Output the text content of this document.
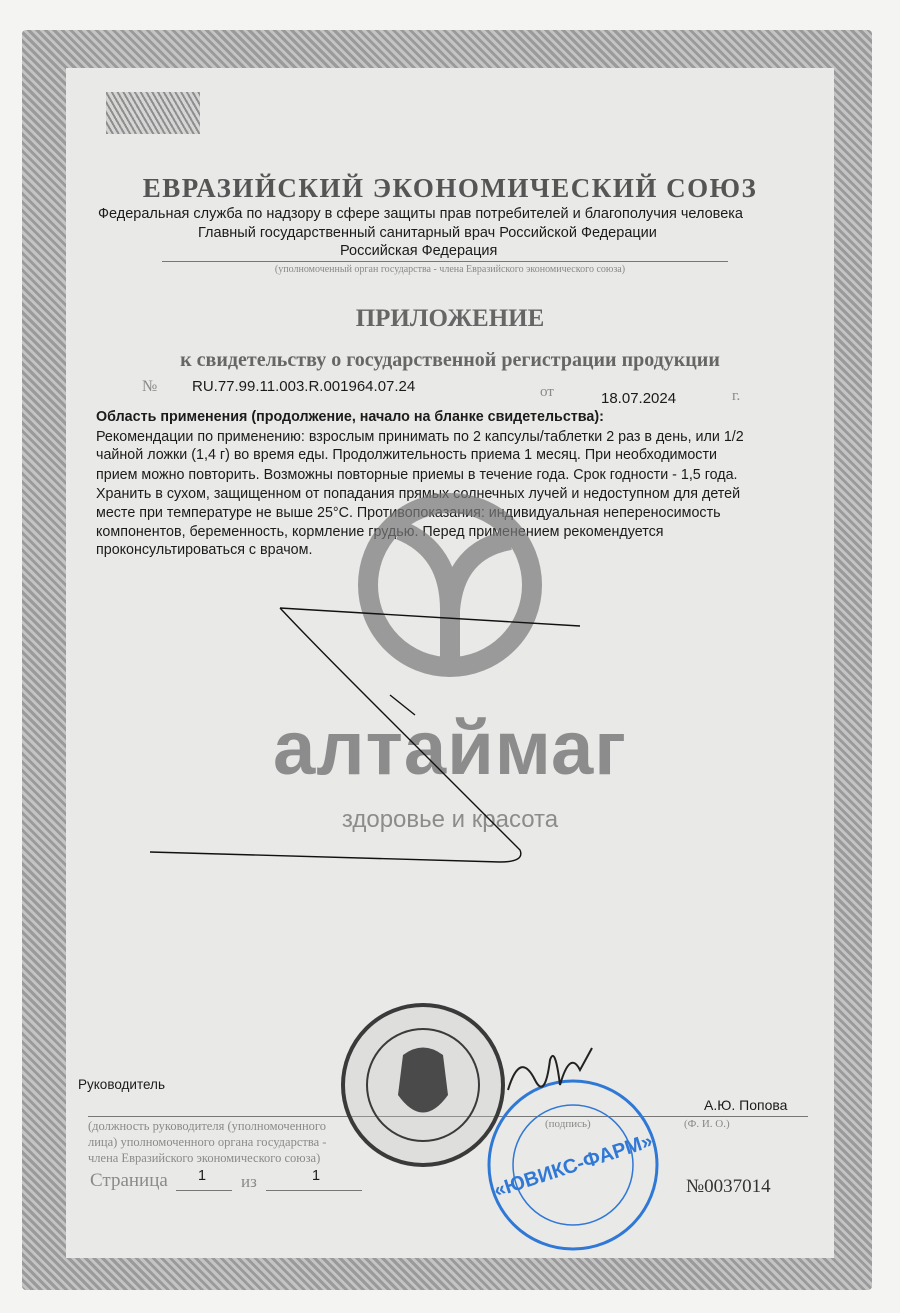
ЕВРАЗИЙСКИЙ ЭКОНОМИЧЕСКИЙ СОЮЗ
Федеральная служба по надзору в сфере защиты прав потребителей и благополучия человека
Главный государственный санитарный врач Российской Федерации
Российская Федерация
(уполномоченный орган государства - члена Евразийского экономического союза)
ПРИЛОЖЕНИЕ
к свидетельству о государственной регистрации продукции
№ RU.77.99.11.003.R.001964.07.24	от	18.07.2024	г.
Область применения (продолжение, начало на бланке свидетельства):
Рекомендации по применению: взрослым принимать по 2 капсулы/таблетки 2 раз в день, или 1/2
чайной ложки (1,4 г) во время еды. Продолжительность приема 1 месяц. При необходимости
прием можно повторить. Возможны повторные приемы в течение года. Срок годности - 1,5 года.
Хранить в сухом, защищенном от попадания прямых солнечных лучей и недоступном для детей
месте при температуре не выше 25°С. Противопоказания: индивидуальная непереносимость
компонентов, беременность, кормление грудью. Перед применением рекомендуется
проконсультироваться с врачом.
алтаймаг
здоровье и красота
Руководитель
А.Ю. Попова
(должность руководителя (уполномоченного
лица) уполномоченного органа государства -
члена Евразийского экономического союза)
(подпись)	(Ф. И. О.)
Страница 1 из	1	№0037014
«ЮВИКС-ФАРМ»
